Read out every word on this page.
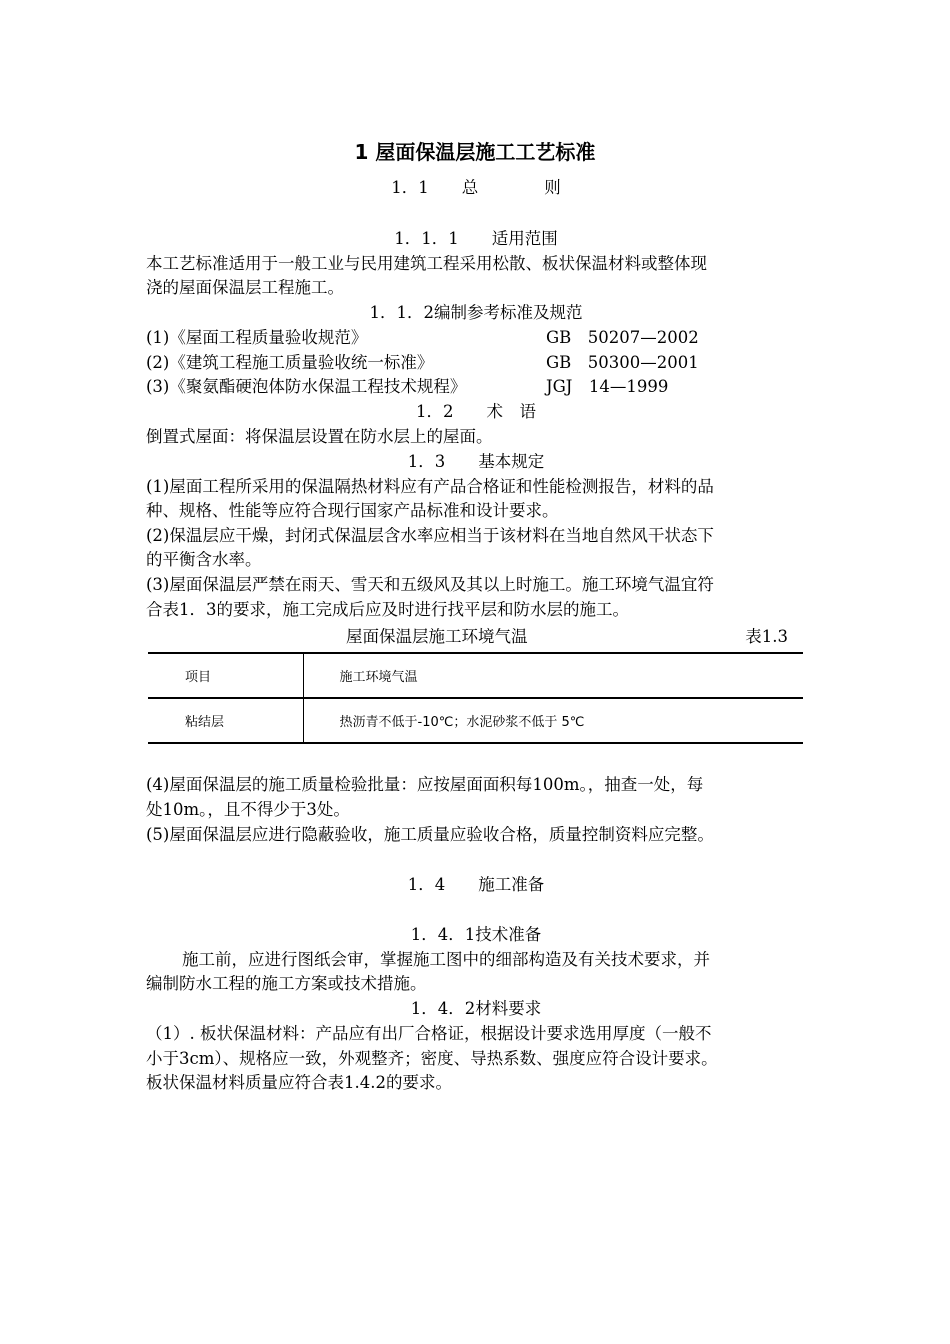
1 屋面保温层施工工艺标准
1．1　　总　　　　则
1．1．1　　适用范围
本工艺标准适用于一般工业与民用建筑工程采用松散、板状保温材料或整体现
浇的屋面保温层工程施工。
1．1．2编制参考标准及规范
(1)《屋面工程质量验收规范》	GB　50207—2002
(2)《建筑工程施工质量验收统一标准》	GB　50300—2001
(3)《聚氨酯硬泡体防水保温工程技术规程》	JGJ　14—1999
1．2　　术　语
倒置式屋面：将保温层设置在防水层上的屋面。
1．3　　基本规定
(1)屋面工程所采用的保温隔热材料应有产品合格证和性能检测报告，材料的品
种、规格、性能等应符合现行国家产品标准和设计要求。
(2)保温层应干燥，封闭式保温层含水率应相当于该材料在当地自然风干状态下
的平衡含水率。
(3)屋面保温层严禁在雨天、雪天和五级风及其以上时施工。施工环境气温宜符
合表1．3的要求，施工完成后应及时进行找平层和防水层的施工。
屋面保温层施工环境气温	表1.3
项目	施工环境气温
粘结层	热沥青不低于-10℃；水泥砂浆不低于 5℃
(4)屋面保温层的施工质量检验批量：应按屋面面积每100m。，抽查一处，每
处10m。，且不得少于3处。
(5)屋面保温层应进行隐蔽验收，施工质量应验收合格，质量控制资料应完整。
1．4　　施工准备
1．4．1技术准备
施工前，应进行图纸会审，掌握施工图中的细部构造及有关技术要求，并
编制防水工程的施工方案或技术措施。
1．4．2材料要求
（1）. 板状保温材料：产品应有出厂合格证，根据设计要求选用厚度（一般不
小于3cm）、规格应一致，外观整齐；密度、导热系数、强度应符合设计要求。
板状保温材料质量应符合表1.4.2的要求。
